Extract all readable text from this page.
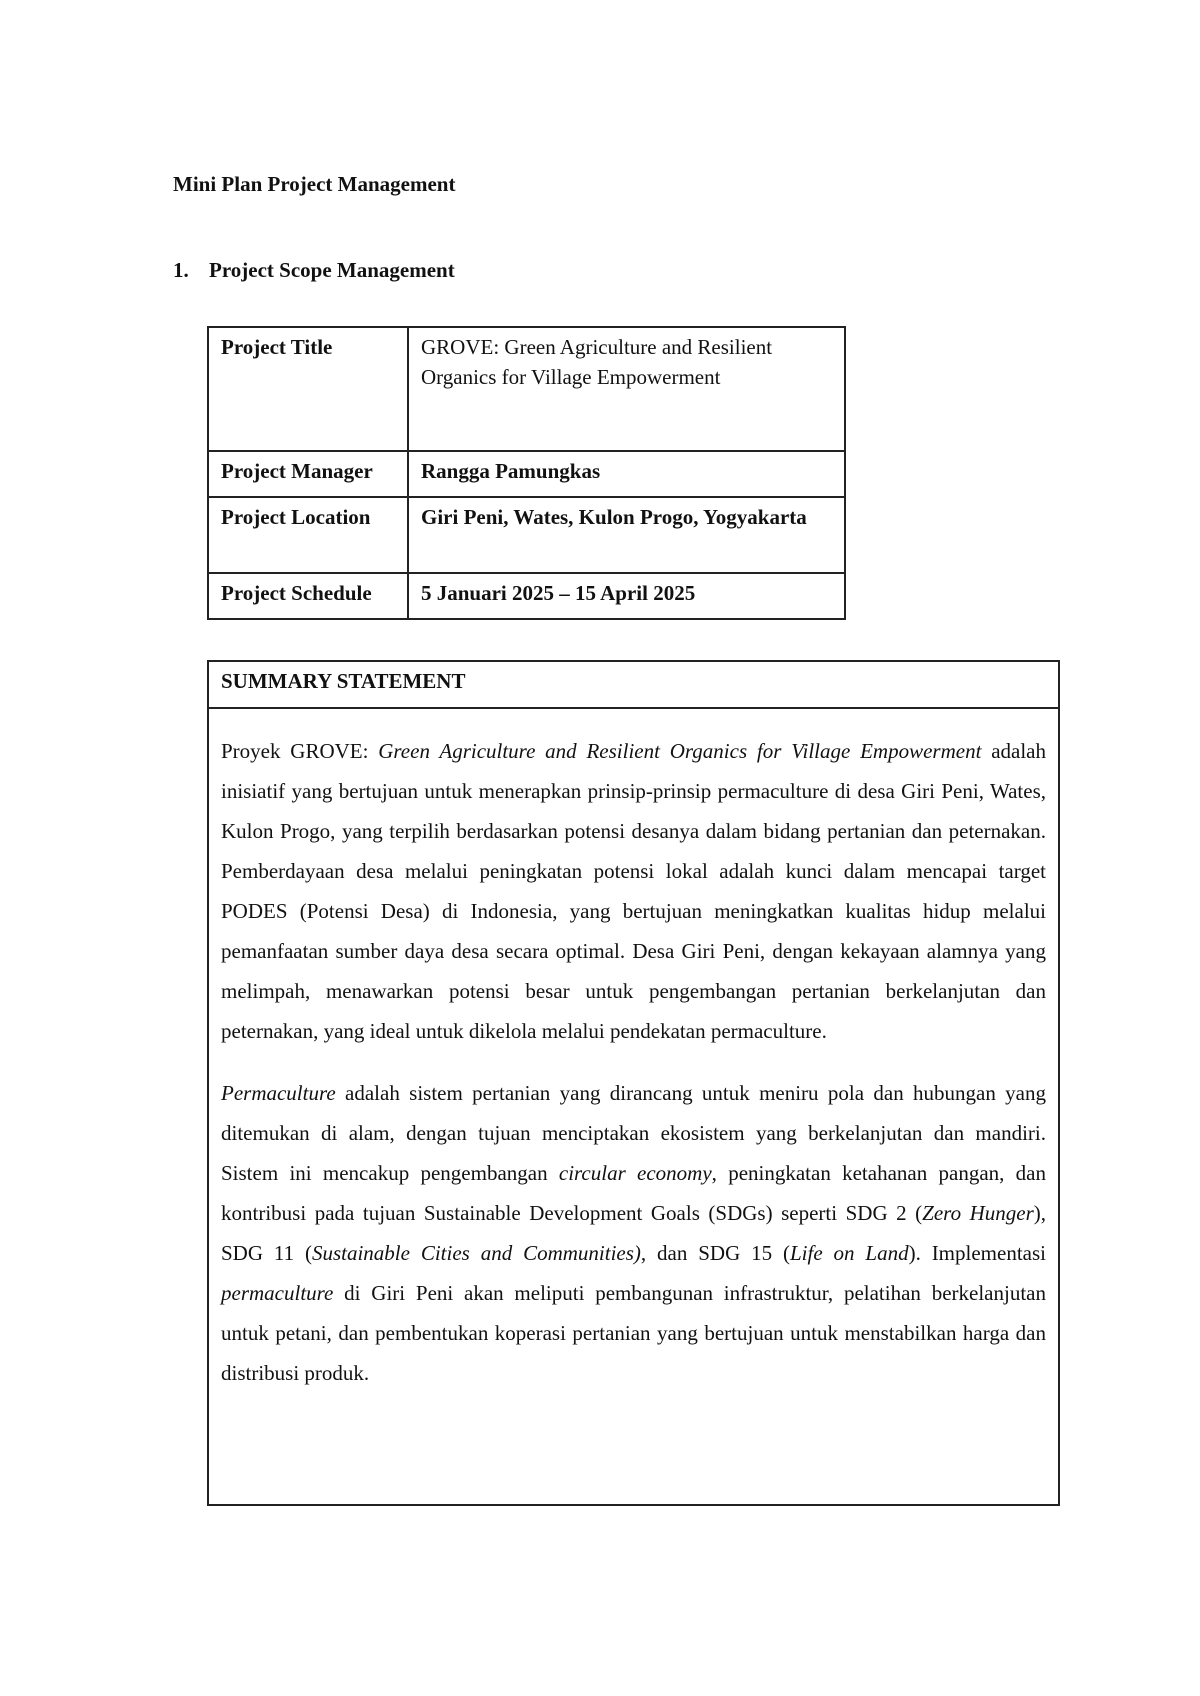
Mini Plan Project Management
1. Project Scope Management
Project Title	GROVE: Green Agriculture and Resilient Organics for Village Empowerment
Project Manager	Rangga Pamungkas
Project Location	Giri Peni, Wates, Kulon Progo, Yogyakarta
Project Schedule	5 Januari 2025 – 15 April 2025
SUMMARY STATEMENT

Proyek GROVE: Green Agriculture and Resilient Organics for Village Empowerment adalah inisiatif yang bertujuan untuk menerapkan prinsip-prinsip permaculture di desa Giri Peni, Wates, Kulon Progo, yang terpilih berdasarkan potensi desanya dalam bidang pertanian dan peternakan. Pemberdayaan desa melalui peningkatan potensi lokal adalah kunci dalam mencapai target PODES (Potensi Desa) di Indonesia, yang bertujuan meningkatkan kualitas hidup melalui pemanfaatan sumber daya desa secara optimal. Desa Giri Peni, dengan kekayaan alamnya yang melimpah, menawarkan potensi besar untuk pengembangan pertanian berkelanjutan dan peternakan, yang ideal untuk dikelola melalui pendekatan permaculture.

Permaculture adalah sistem pertanian yang dirancang untuk meniru pola dan hubungan yang ditemukan di alam, dengan tujuan menciptakan ekosistem yang berkelanjutan dan mandiri. Sistem ini mencakup pengembangan circular economy, peningkatan ketahanan pangan, dan kontribusi pada tujuan Sustainable Development Goals (SDGs) seperti SDG 2 (Zero Hunger), SDG 11 (Sustainable Cities and Communities), dan SDG 15 (Life on Land). Implementasi permaculture di Giri Peni akan meliputi pembangunan infrastruktur, pelatihan berkelanjutan untuk petani, dan pembentukan koperasi pertanian yang bertujuan untuk menstabilkan harga dan distribusi produk.
